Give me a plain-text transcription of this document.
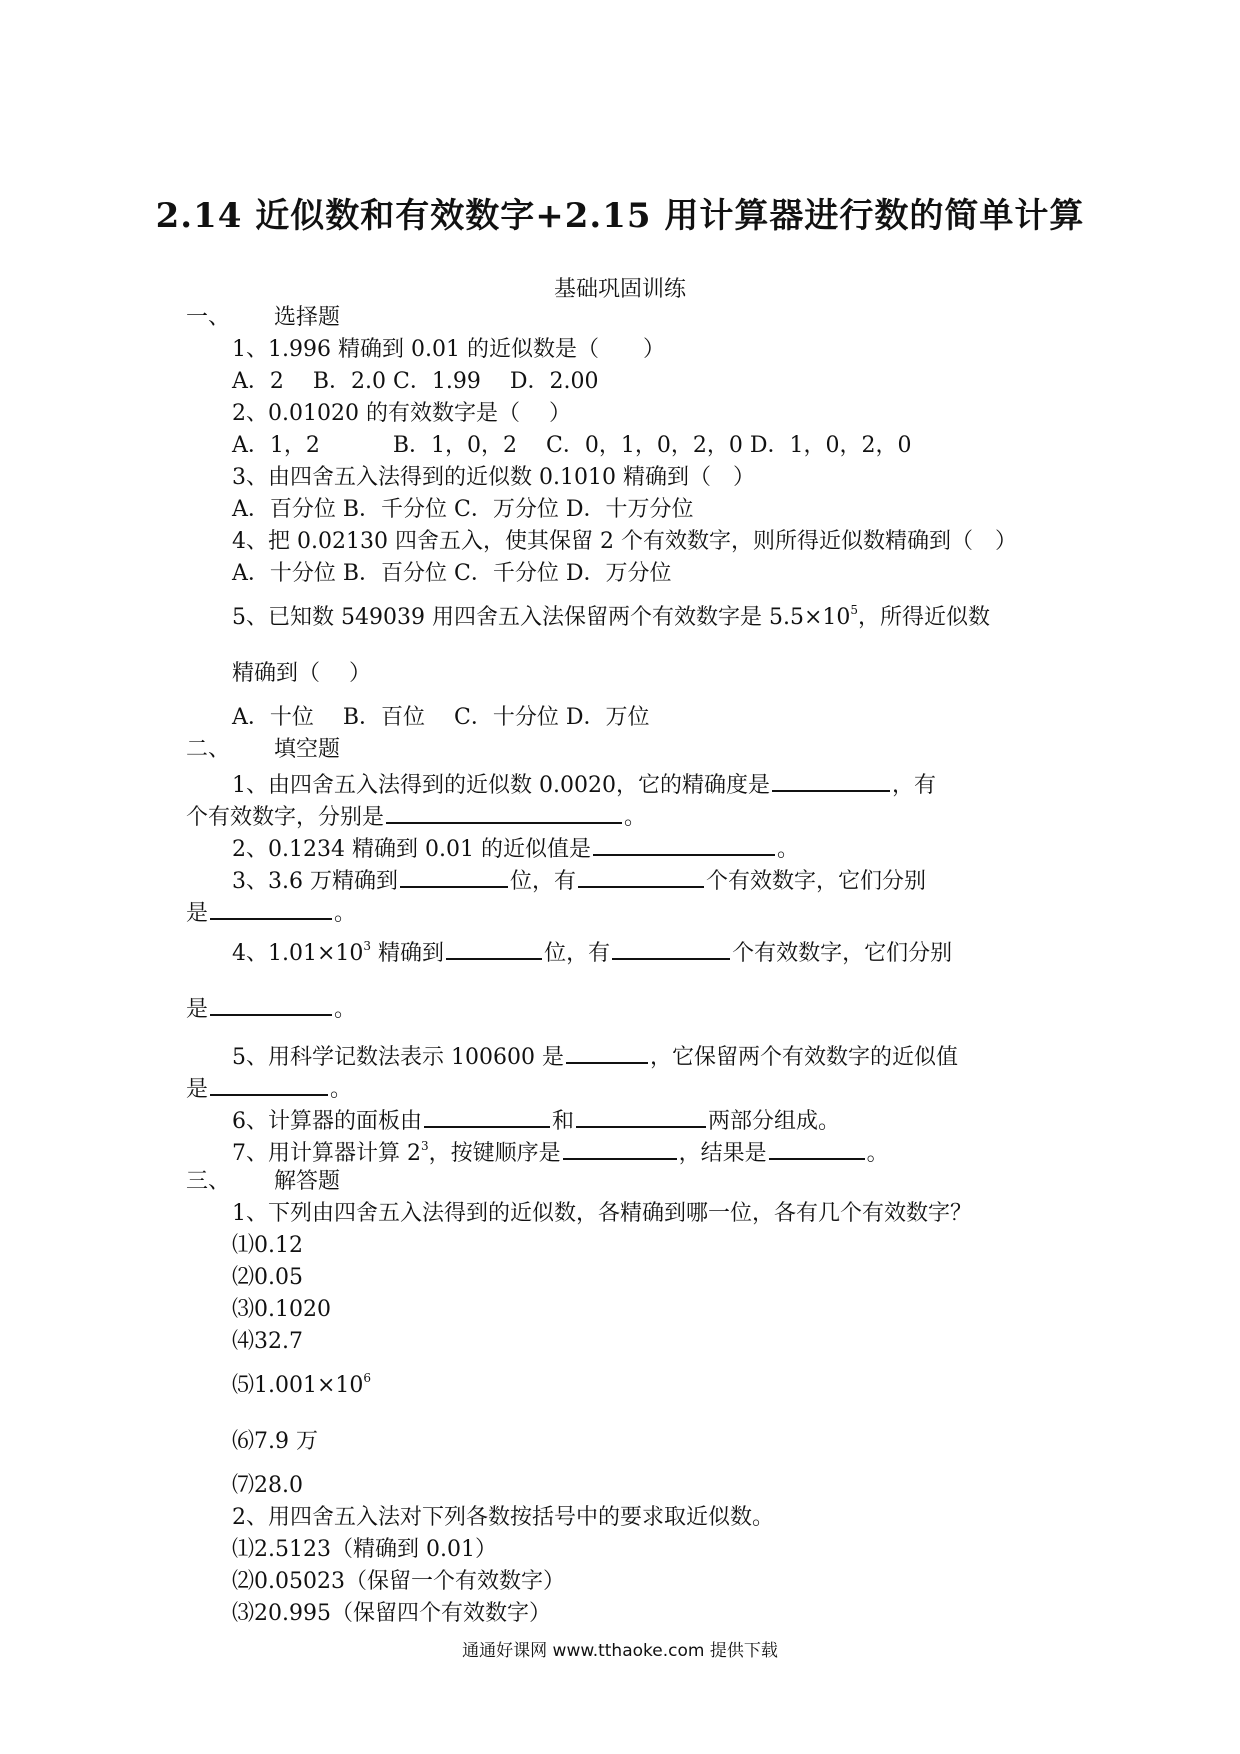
2.14 近似数和有效数字+2.15 用计算器进行数的简单计算
基础巩固训练
一、 选择题
1、1.996 精确到 0.01 的近似数是（　　）
A．2　 B．2.0 C．1.99　 D．2.00
2、0.01020 的有效数字是（　 ）
A．1，2　　　 B．1，0，2　 C．0，1，0，2，0 D．1，0，2，0
3、由四舍五入法得到的近似数 0.1010 精确到（　）
A．百分位 B．千分位 C．万分位 D．十万分位
4、把 0.02130 四舍五入，使其保留 2 个有效数字，则所得近似数精确到（　）
A．十分位 B．百分位 C．千分位 D．万分位
5、已知数 549039 用四舍五入法保留两个有效数字是 $5.5\times 10^5$，所得近似数
精确到（　 ）
A．十位　 B．百位　 C．十分位 D．万位
二、 填空题
1、由四舍五入法得到的近似数 0.0020，它的精确度是	，有
个有效数字，分别是	。
2、0.1234 精确到 0.01 的近似值是	。
3、3.6 万精确到	位，有	个有效数字，它们分别
是	。
4、$1.01\times 10^3$ 精确到	位，有	个有效数字，它们分别
是	。
5、用科学记数法表示 100600 是	，它保留两个有效数字的近似值
是	。
6、计算器的面板由	和	两部分组成。
7、用计算器计算 $2^3$，按键顺序是	，结果是	。
三、 解答题
1、下列由四舍五入法得到的近似数，各精确到哪一位，各有几个有效数字？
⑴0.12
⑵0.05
⑶0.1020
⑷32.7
$⑸1.001\times 10^6$
⑹7.9 万
⑺28.0
2、用四舍五入法对下列各数按括号中的要求取近似数。
⑴2.5123（精确到 0.01）
⑵0.05023（保留一个有效数字）
⑶20.995（保留四个有效数字）
通通好课网 www.tthaoke.com 提供下载
